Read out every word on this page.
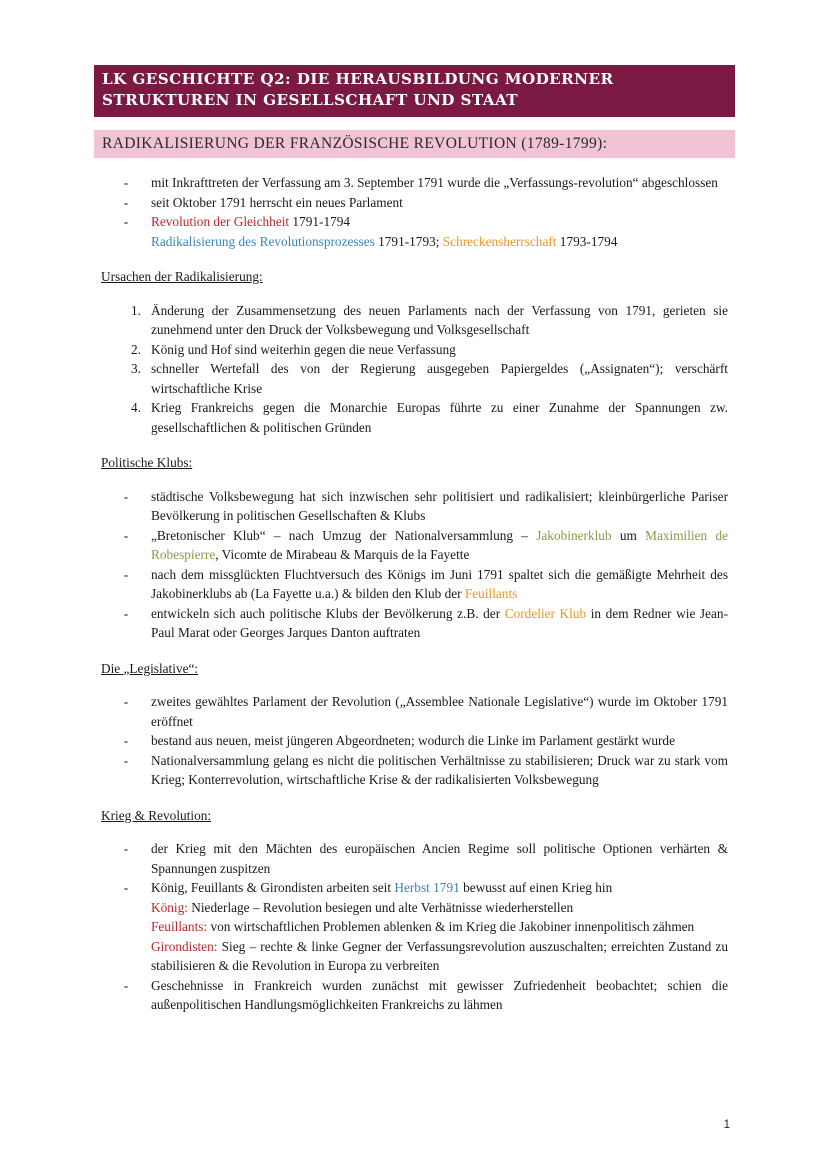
LK GESCHICHTE Q2: DIE HERAUSBILDUNG MODERNER
STRUKTUREN IN GESELLSCHAFT UND STAAT
RADIKALISIERUNG DER FRANZÖSISCHE REVOLUTION (1789-1799):
-	mit Inkrafttreten der Verfassung am 3. September 1791 wurde die „Verfassungs-revolution“ abgeschlossen
-	seit Oktober 1791 herrscht ein neues Parlament
-	Revolution der Gleichheit 1791-1794
Radikalisierung des Revolutionsprozesses 1791-1793; Schreckensherrschaft 1793-1794

Ursachen der Radikalisierung:

1. Änderung der Zusammensetzung des neuen Parlaments nach der Verfassung von 1791, gerieten sie zunehmend unter den Druck der Volksbewegung und Volksgesellschaft
2. König und Hof sind weiterhin gegen die neue Verfassung
3. schneller Wertefall des von der Regierung ausgegeben Papiergeldes („Assignaten“); verschärft wirtschaftliche Krise
4. Krieg Frankreichs gegen die Monarchie Europas führte zu einer Zunahme der Spannungen zw. gesellschaftlichen & politischen Gründen

Politische Klubs:

-	städtische Volksbewegung hat sich inzwischen sehr politisiert und radikalisiert; kleinbürgerliche Pariser Bevölkerung in politischen Gesellschaften & Klubs
-	„Bretonischer Klub“ – nach Umzug der Nationalversammlung – Jakobinerklub um Maximilien de Robespierre, Vicomte de Mirabeau & Marquis de la Fayette
-	nach dem missglückten Fluchtversuch des Königs im Juni 1791 spaltet sich die gemäßigte Mehrheit des Jakobinerklubs ab (La Fayette u.a.) & bilden den Klub der Feuillants
-	entwickeln sich auch politische Klubs der Bevölkerung z.B. der Cordelier Klub in dem Redner wie Jean-Paul Marat oder Georges Jarques Danton auftraten

Die „Legislative“:

-	zweites gewähltes Parlament der Revolution („Assemblee Nationale Legislative“) wurde im Oktober 1791 eröffnet
-	bestand aus neuen, meist jüngeren Abgeordneten; wodurch die Linke im Parlament gestärkt wurde
-	Nationalversammlung gelang es nicht die politischen Verhältnisse zu stabilisieren; Druck war zu stark vom Krieg; Konterrevolution, wirtschaftliche Krise & der radikalisierten Volksbewegung

Krieg & Revolution:

-	der Krieg mit den Mächten des europäischen Ancien Regime soll politische Optionen verhärten & Spannungen zuspitzen
-	König, Feuillants & Girondisten arbeiten seit Herbst 1791 bewusst auf einen Krieg hin
König: Niederlage – Revolution besiegen und alte Verhätnisse wiederherstellen
Feuillants: von wirtschaftlichen Problemen ablenken & im Krieg die Jakobiner innenpolitisch zähmen
Girondisten: Sieg – rechte & linke Gegner der Verfassungsrevolution auszuschalten; erreichten Zustand zu stabilisieren & die Revolution in Europa zu verbreiten
-	Geschehnisse in Frankreich wurden zunächst mit gewisser Zufriedenheit beobachtet; schien die außenpolitischen Handlungsmöglichkeiten Frankreichs zu lähmen
1
